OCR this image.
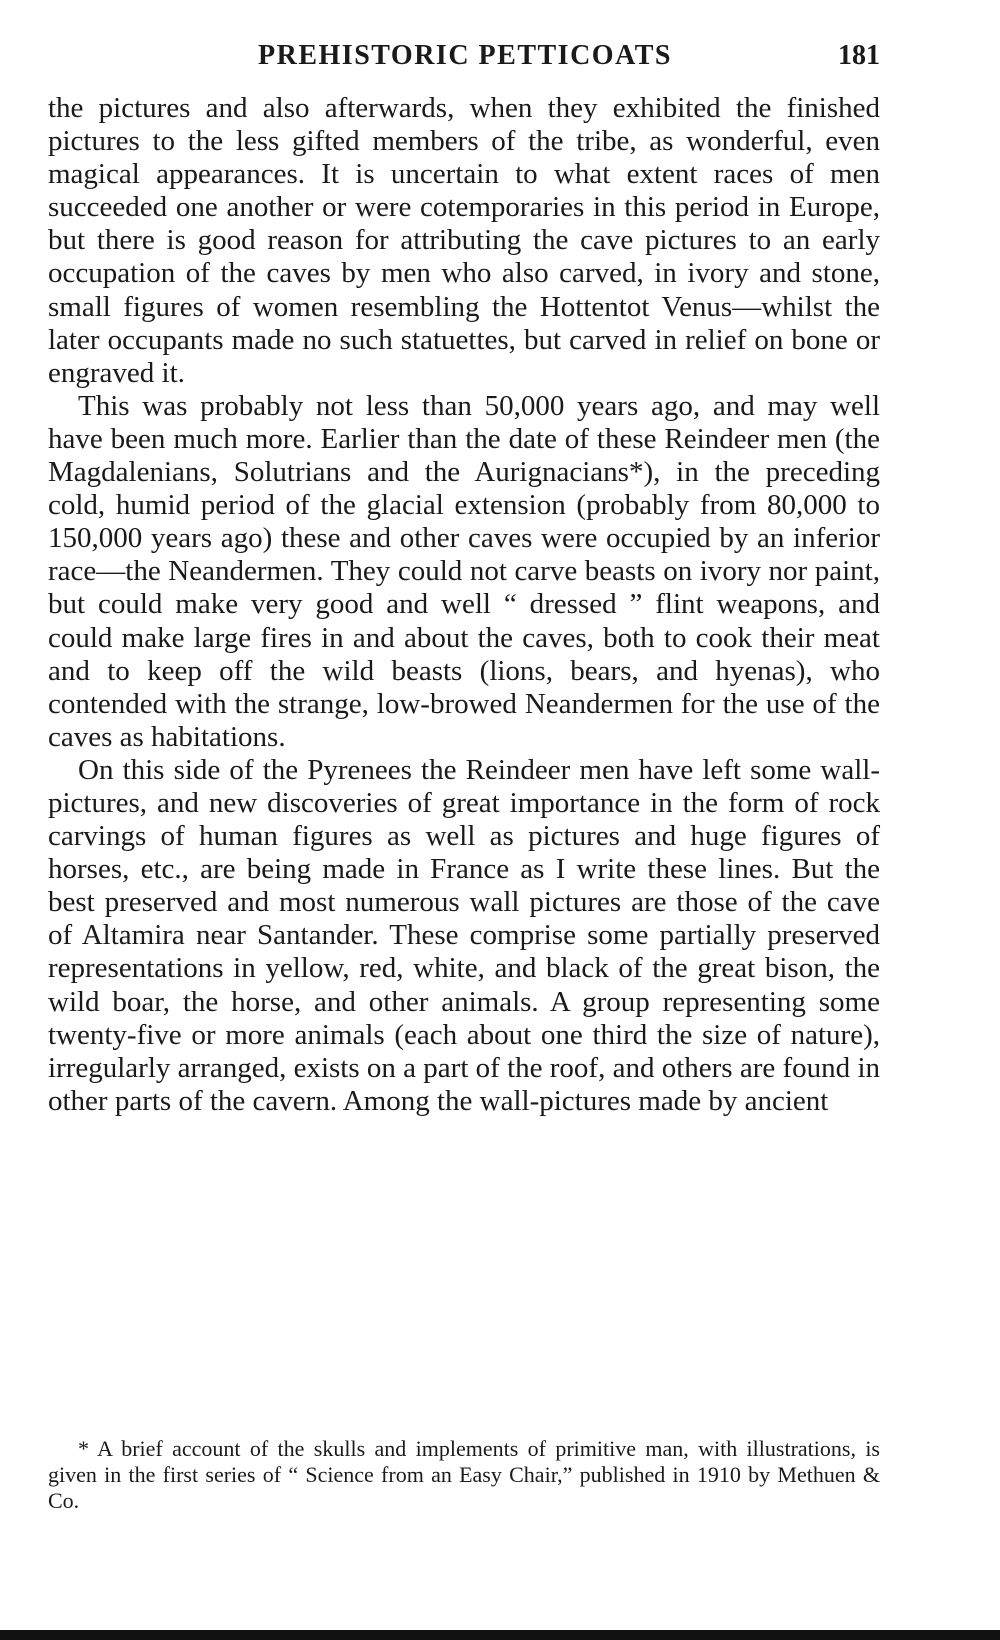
PREHISTORIC PETTICOATS	181

the pictures and also afterwards, when they exhibited the finished pictures to the less gifted members of the tribe, as wonderful, even magical appearances. It is uncertain to what extent races of men succeeded one another or were cotemporaries in this period in Europe, but there is good reason for attributing the cave pictures to an early occupation of the caves by men who also carved, in ivory and stone, small figures of women resembling the Hottentot Venus—whilst the later occupants made no such statuettes, but carved in relief on bone or engraved it.

This was probably not less than 50,000 years ago, and may well have been much more. Earlier than the date of these Reindeer men (the Magdalenians, Solutrians and the Aurignacians*), in the preceding cold, humid period of the glacial extension (probably from 80,000 to 150,000 years ago) these and other caves were occupied by an inferior race—the Neandermen. They could not carve beasts on ivory nor paint, but could make very good and well “ dressed ” flint weapons, and could make large fires in and about the caves, both to cook their meat and to keep off the wild beasts (lions, bears, and hyenas), who contended with the strange, low-browed Neandermen for the use of the caves as habitations.

On this side of the Pyrenees the Reindeer men have left some wall-pictures, and new discoveries of great importance in the form of rock carvings of human figures as well as pictures and huge figures of horses, etc., are being made in France as I write these lines. But the best preserved and most numerous wall pictures are those of the cave of Altamira near Santander. These comprise some partially preserved representations in yellow, red, white, and black of the great bison, the wild boar, the horse, and other animals. A group representing some twenty-five or more animals (each about one third the size of nature), irregularly arranged, exists on a part of the roof, and others are found in other parts of the cavern. Among the wall-pictures made by ancient

* A brief account of the skulls and implements of primitive man, with illustrations, is given in the first series of “ Science from an Easy Chair,” published in 1910 by Methuen & Co.
